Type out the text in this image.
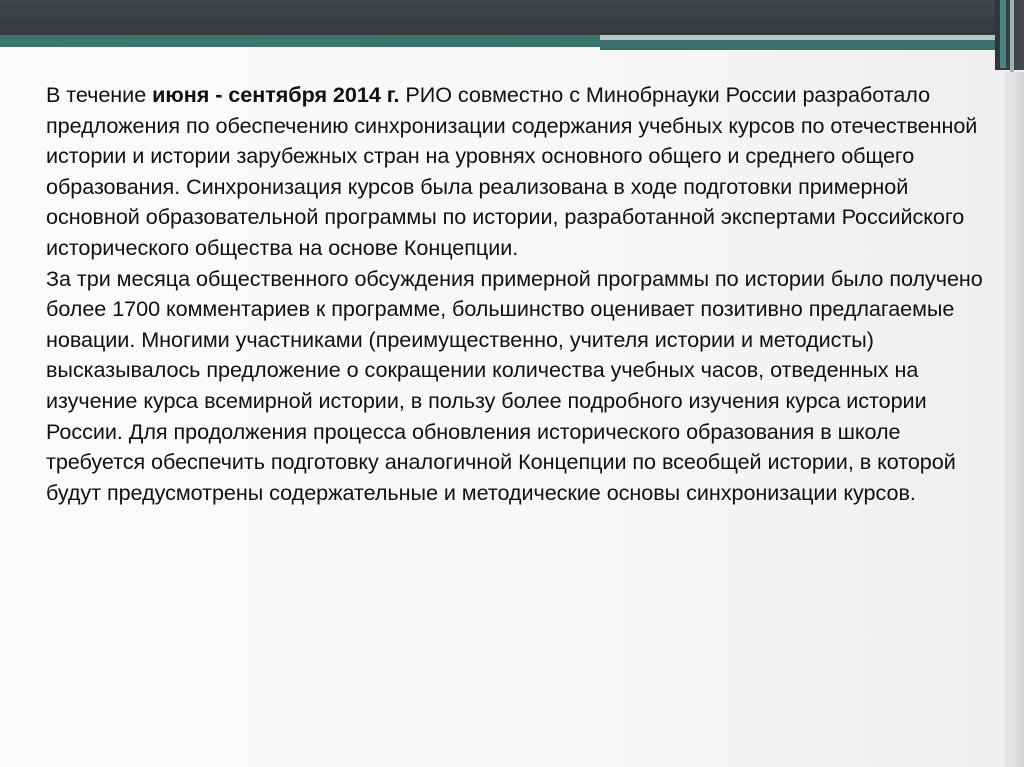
В течение июня - сентября 2014 г. РИО совместно с Минобрнауки России разработало предложения по обеспечению синхронизации содержания учебных курсов по отечественной истории и истории зарубежных стран на уровнях основного общего и среднего общего образования. Синхронизация курсов была реализована в ходе подготовки примерной основной образовательной программы по истории, разработанной экспертами Российского исторического общества на основе Концепции.

За три месяца общественного обсуждения примерной программы по истории было получено более 1700 комментариев к программе, большинство оценивает позитивно предлагаемые новации. Многими участниками (преимущественно, учителя истории и методисты) высказывалось предложение о сокращении количества учебных часов, отведенных на изучение курса всемирной истории, в пользу более подробного изучения курса истории России. Для продолжения процесса обновления исторического образования в школе требуется обеспечить подготовку аналогичной Концепции по всеобщей истории, в которой будут предусмотрены содержательные и методические основы синхронизации курсов.
